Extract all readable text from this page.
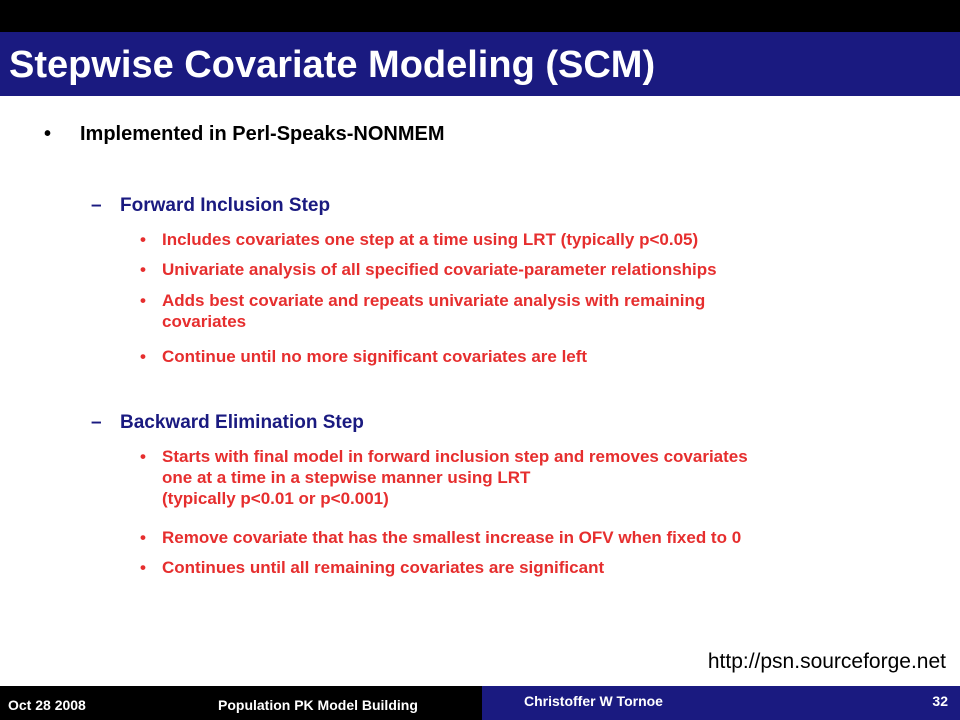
Stepwise Covariate Modeling (SCM)
• Implemented in Perl-Speaks-NONMEM
– Forward Inclusion Step
• Includes covariates one step at a time using LRT (typically p<0.05)
• Univariate analysis of all specified covariate-parameter relationships
• Adds best covariate and repeats univariate analysis with remaining
covariates
• Continue until no more significant covariates are left
– Backward Elimination Step
• Starts with final model in forward inclusion step and removes covariates
one at a time in a stepwise manner using LRT
(typically p<0.01 or p<0.001)
• Remove covariate that has the smallest increase in OFV when fixed to 0
• Continues until all remaining covariates are significant
http://psn.sourceforge.net
Oct 28 2008	Population PK Model Building	Christoffer W Tornoe	32
